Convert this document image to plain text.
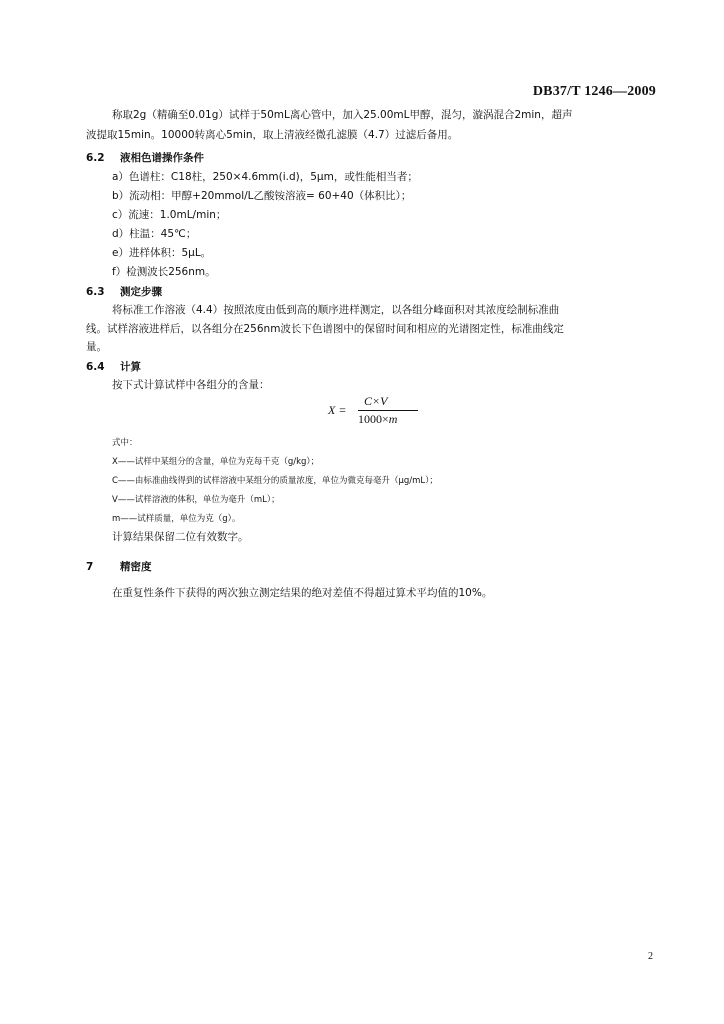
DB37/T 1246—2009
称取2g（精确至0.01g）试样于50mL离心管中，加入25.00mL甲醇，混匀，漩涡混合2min，超声
波提取15min。10000转离心5min，取上清液经微孔滤膜（4.7）过滤后备用。
6.2 液相色谱操作条件
a）色谱柱：C18柱，250×4.6mm(i.d)，5μm，或性能相当者；
b）流动相：甲醇+20mmol/L乙酸铵溶液= 60+40（体积比）；
c）流速：1.0mL/min；
d）柱温：45℃；
e）进样体积：5μL。
f）检测波长256nm。
6.3 测定步骤
将标准工作溶液（4.4）按照浓度由低到高的顺序进样测定，以各组分峰面积对其浓度绘制标准曲
线。试样溶液进样后，以各组分在256nm波长下色谱图中的保留时间和相应的光谱图定性，标准曲线定
量。
6.4 计算
按下式计算试样中各组分的含量：
X =
C×V
1000×m
式中：
X——试样中某组分的含量，单位为克每千克（g/kg）；
C——由标准曲线得到的试样溶液中某组分的质量浓度，单位为微克每毫升（μg/mL）；
V——试样溶液的体积，单位为毫升（mL）；
m——试样质量，单位为克（g）。
计算结果保留二位有效数字。
7	精密度
在重复性条件下获得的两次独立测定结果的绝对差值不得超过算术平均值的10%。
2
